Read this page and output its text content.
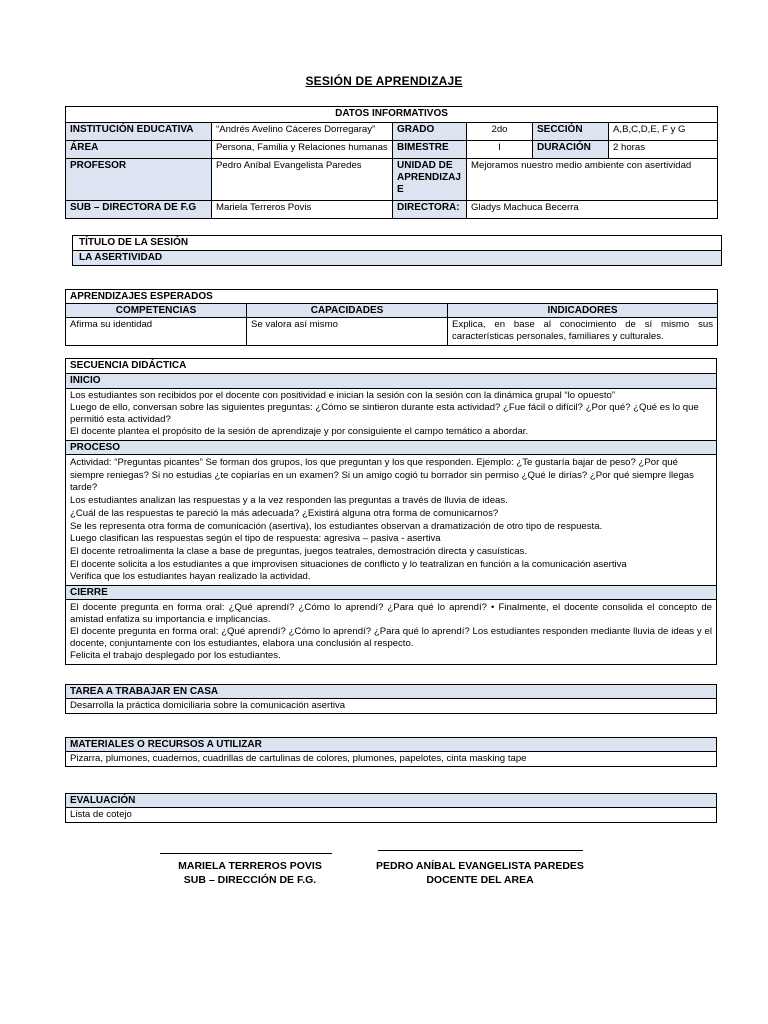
SESIÓN DE APRENDIZAJE
DATOS INFORMATIVOS					
INSTITUCIÓN EDUCATIVA	“Andrés Avelino Cáceres Dorregaray”	GRADO	2do	SECCIÓN	A,B,C,D,E, F y G
ÁREA	Persona, Familia y Relaciones humanas	BIMESTRE	I	DURACIÓN	2 horas
PROFESOR	Pedro Aníbal Evangelista Paredes	UNIDAD DE APRENDIZAJ E	Mejoramos nuestro medio ambiente con asertividad		
SUB – DIRECTORA DE F.G	Mariela Terreros Povis	DIRECTORA:	Gladys Machuca Becerra		
TÍTULO DE LA SESIÓN
LA ASERTIVIDAD
APRENDIZAJES ESPERADOS		
COMPETENCIAS	CAPACIDADES	INDICADORES
Afirma su identidad	Se valora así mismo	Explica, en base al conocimiento de sí mismo sus características personales, familiares y culturales.
SECUENCIA DIDÁCTICA
INICIO

Los estudiantes son recibidos por el docente con positividad e inician la sesión con la sesión con la dinámica grupal “lo opuesto”
Luego de ello, conversan sobre las siguientes preguntas: ¿Cómo se sintieron durante esta actividad? ¿Fue fácil o difícil? ¿Por qué? ¿Qué es lo que permitió esta actividad?
El docente plantea el propósito de la sesión de aprendizaje y por consiguiente el campo temático a abordar.

PROCESO

Actividad: “Preguntas picantes” Se forman dos grupos, los que preguntan y los que responden. Ejemplo: ¿Te gustaría bajar de peso? ¿Por qué siempre reniegas? Si no estudias ¿te copiarías en un examen? Si un amigo cogió tu borrador sin permiso ¿Qué le dirías? ¿Por qué siempre llegas tarde?
Los estudiantes analizan las respuestas y a la vez responden las preguntas a través de lluvia de ideas.
¿Cuál de las respuestas te pareció la más adecuada? ¿Existirá alguna otra forma de comunicarnos?
Se les representa otra forma de comunicación (asertiva), los estudiantes observan a dramatización de otro tipo de respuesta.
Luego clasifican las respuestas según el tipo de respuesta: agresiva – pasiva - asertiva
El docente retroalimenta la clase a base de preguntas, juegos teatrales, demostración directa y casuísticas.
El docente solicita a los estudiantes a que improvisen situaciones de conflicto y lo teatralizan en función a la comunicación asertiva
Verifica que los estudiantes hayan realizado la actividad.

CIERRE

El docente pregunta en forma oral: ¿Qué aprendí? ¿Cómo lo aprendí? ¿Para qué lo aprendí? • Finalmente, el docente consolida el concepto de amistad enfatiza su importancia e implicancias.
El docente pregunta en forma oral: ¿Qué aprendí? ¿Cómo lo aprendí? ¿Para qué lo aprendí? Los estudiantes responden mediante lluvia de ideas y el docente, conjuntamente con los estudiantes, elabora una conclusión al respecto.
Felicita el trabajo desplegado por los estudiantes.
TAREA A TRABAJAR EN CASA
Desarrolla la práctica domiciliaria sobre la comunicación asertiva
MATERIALES O RECURSOS A UTILIZAR
Pizarra, plumones, cuadernos, cuadrillas de cartulinas de colores, plumones, papelotes, cinta masking tape
EVALUACIÓN
Lista de cotejo
MARIELA TERREROS POVIS
SUB – DIRECCIÓN DE F.G.
PEDRO ANÍBAL EVANGELISTA PAREDES
DOCENTE DEL AREA
